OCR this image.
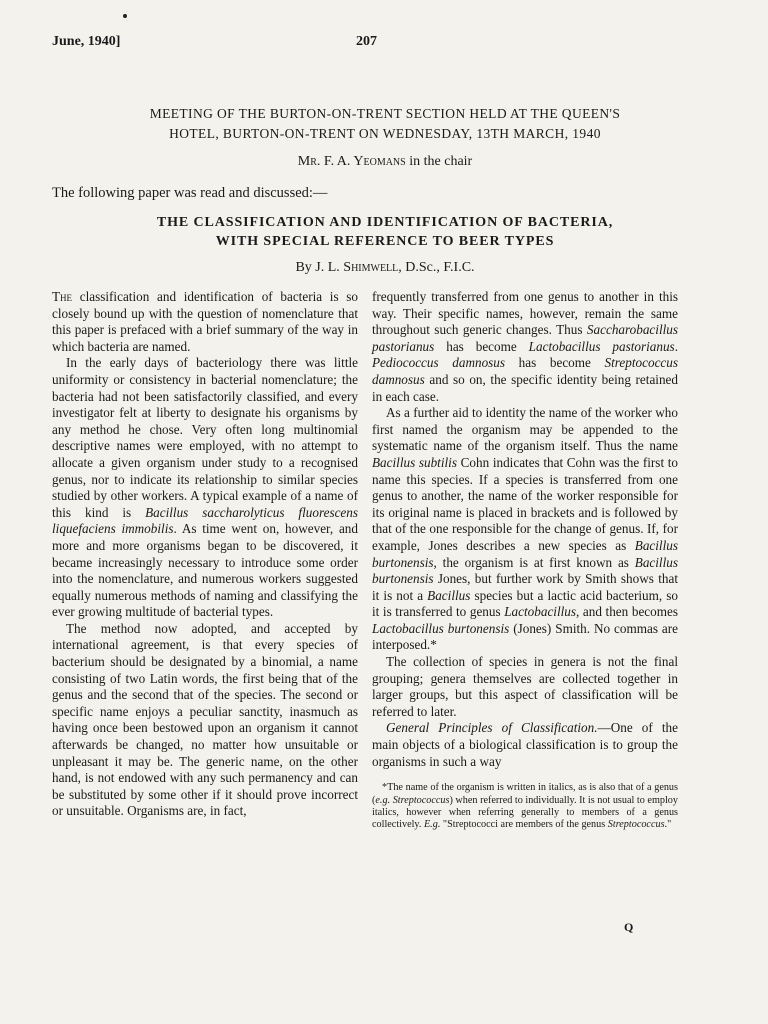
June, 1940]	207
MEETING OF THE BURTON-ON-TRENT SECTION HELD AT THE QUEEN'S
HOTEL, BURTON-ON-TRENT ON WEDNESDAY, 13TH MARCH, 1940
Mr. F. A. Yeomans in the chair
The following paper was read and discussed:—
THE CLASSIFICATION AND IDENTIFICATION OF BACTERIA,
WITH SPECIAL REFERENCE TO BEER TYPES
By J. L. Shimwell, D.Sc., F.I.C.

The classification and identification of bacteria is so closely bound up with the question of nomenclature that this paper is prefaced with a brief summary of the way in which bacteria are named.

In the early days of bacteriology there was little uniformity or consistency in bacterial nomenclature; the bacteria had not been satisfactorily classified, and every investigator felt at liberty to designate his organisms by any method he chose. Very often long multinomial descriptive names were employed, with no attempt to allocate a given organism under study to a recognised genus, nor to indicate its relationship to similar species studied by other workers. A typical example of a name of this kind is Bacillus saccharolyticus fluorescens liquefaciens immobilis. As time went on, however, and more and more organisms began to be discovered, it became increasingly necessary to introduce some order into the nomenclature, and numerous workers suggested equally numerous methods of naming and classifying the ever growing multitude of bacterial types.

The method now adopted, and accepted by international agreement, is that every species of bacterium should be designated by a binomial, a name consisting of two Latin words, the first being that of the genus and the second that of the species. The second or specific name enjoys a peculiar sanctity, inasmuch as having once been bestowed upon an organism it cannot afterwards be changed, no matter how unsuitable or unpleasant it may be. The generic name, on the other hand, is not endowed with any such permanency and can be substituted by some other if it should prove incorrect or unsuitable. Organisms are, in fact,

frequently transferred from one genus to another in this way. Their specific names, however, remain the same throughout such generic changes. Thus Saccharobacillus pastorianus has become Lactobacillus pastorianus. Pediococcus damnosus has become Streptococcus damnosus and so on, the specific identity being retained in each case.

As a further aid to identity the name of the worker who first named the organism may be appended to the systematic name of the organism itself. Thus the name Bacillus subtilis Cohn indicates that Cohn was the first to name this species. If a species is transferred from one genus to another, the name of the worker responsible for its original name is placed in brackets and is followed by that of the one responsible for the change of genus. If, for example, Jones describes a new species as Bacillus burtonensis, the organism is at first known as Bacillus burtonensis Jones, but further work by Smith shows that it is not a Bacillus species but a lactic acid bacterium, so it is transferred to genus Lactobacillus, and then becomes Lactobacillus burtonensis (Jones) Smith. No commas are interposed.*

The collection of species in genera is not the final grouping; genera themselves are collected together in larger groups, but this aspect of classification will be referred to later.

General Principles of Classification.—One of the main objects of a biological classification is to group the organisms in such a way

*The name of the organism is written in italics, as is also that of a genus (e.g. Streptococcus) when referred to individually. It is not usual to employ italics, however when referring generally to members of a genus collectively. E.g. "Streptococci are members of the genus Streptococcus."

Q
